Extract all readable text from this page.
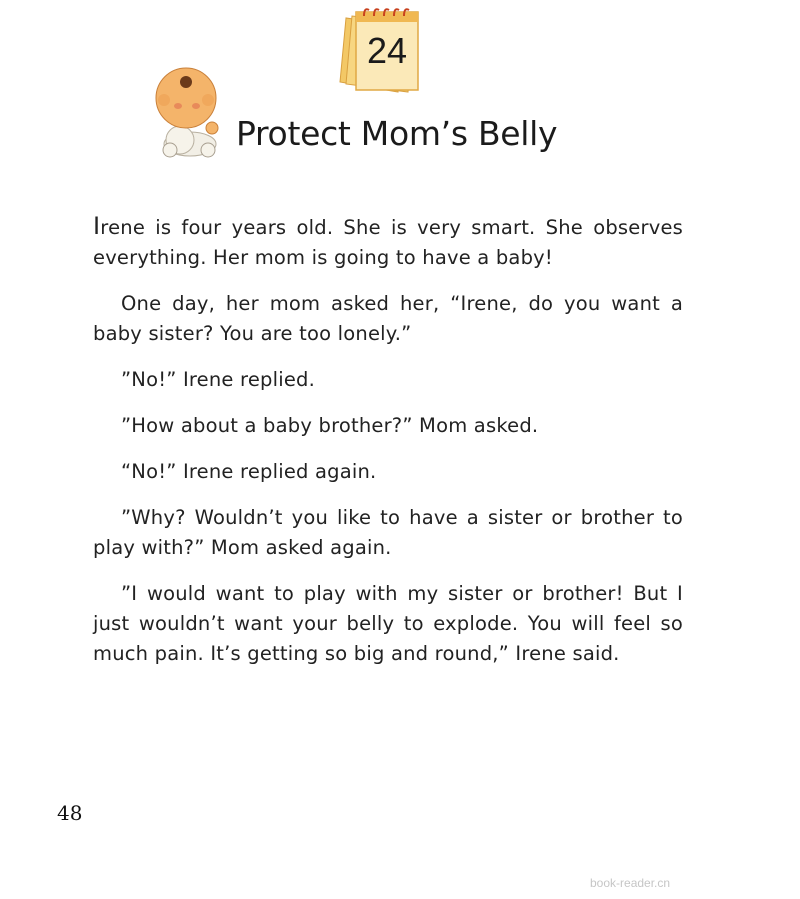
24
Protect Mom’s Belly

Irene is four years old. She is very smart. She observes everything. Her mom is going to have a baby!

One day, her mom asked her, “Irene, do you want a baby sister? You are too lonely.”

”No!” Irene replied.

”How about a baby brother?” Mom asked.

“No!” Irene replied again.

”Why? Wouldn’t you like to have a sister or brother to play with?” Mom asked again.

”I would want to play with my sister or brother! But I just wouldn’t want your belly to explode. You will feel so much pain. It’s getting so big and round,” Irene said.

48
book-reader.cn
